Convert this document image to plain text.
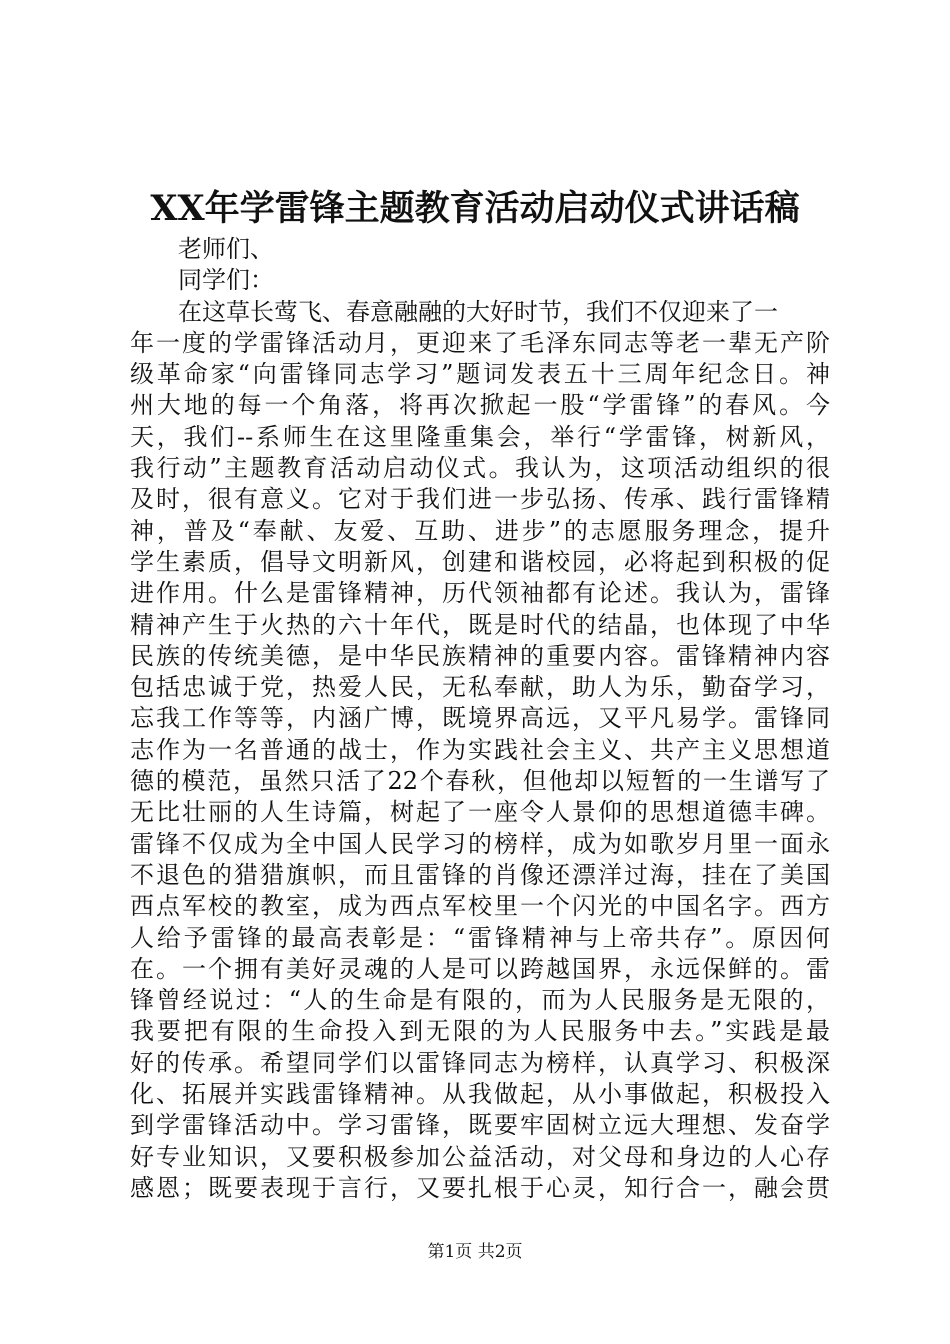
XX年学雷锋主题教育活动启动仪式讲话稿
老师们、
同学们：
在这草长莺飞、春意融融的大好时节，我们不仅迎来了一
年一度的学雷锋活动月，更迎来了毛泽东同志等老一辈无产阶
级革命家“向雷锋同志学习”题词发表五十三周年纪念日。神
州大地的每一个角落，将再次掀起一股“学雷锋”的春风。今
天，我们--系师生在这里隆重集会，举行“学雷锋，树新风，
我行动”主题教育活动启动仪式。我认为，这项活动组织的很
及时，很有意义。它对于我们进一步弘扬、传承、践行雷锋精
神，普及“奉献、友爱、互助、进步”的志愿服务理念，提升
学生素质，倡导文明新风，创建和谐校园，必将起到积极的促
进作用。什么是雷锋精神，历代领袖都有论述。我认为，雷锋
精神产生于火热的六十年代，既是时代的结晶，也体现了中华
民族的传统美德，是中华民族精神的重要内容。雷锋精神内容
包括忠诚于党，热爱人民，无私奉献，助人为乐，勤奋学习，
忘我工作等等，内涵广博，既境界高远，又平凡易学。雷锋同
志作为一名普通的战士，作为实践社会主义、共产主义思想道
德的模范，虽然只活了22个春秋，但他却以短暂的一生谱写了
无比壮丽的人生诗篇，树起了一座令人景仰的思想道德丰碑。
雷锋不仅成为全中国人民学习的榜样，成为如歌岁月里一面永
不退色的猎猎旗帜，而且雷锋的肖像还漂洋过海，挂在了美国
西点军校的教室，成为西点军校里一个闪光的中国名字。西方
人给予雷锋的最高表彰是：“雷锋精神与上帝共存”。原因何
在。一个拥有美好灵魂的人是可以跨越国界，永远保鲜的。雷
锋曾经说过：“人的生命是有限的，而为人民服务是无限的，
我要把有限的生命投入到无限的为人民服务中去。”实践是最
好的传承。希望同学们以雷锋同志为榜样，认真学习、积极深
化、拓展并实践雷锋精神。从我做起，从小事做起，积极投入
到学雷锋活动中。学习雷锋，既要牢固树立远大理想、发奋学
好专业知识，又要积极参加公益活动，对父母和身边的人心存
感恩；既要表现于言行，又要扎根于心灵，知行合一，融会贯
第1页 共2页
